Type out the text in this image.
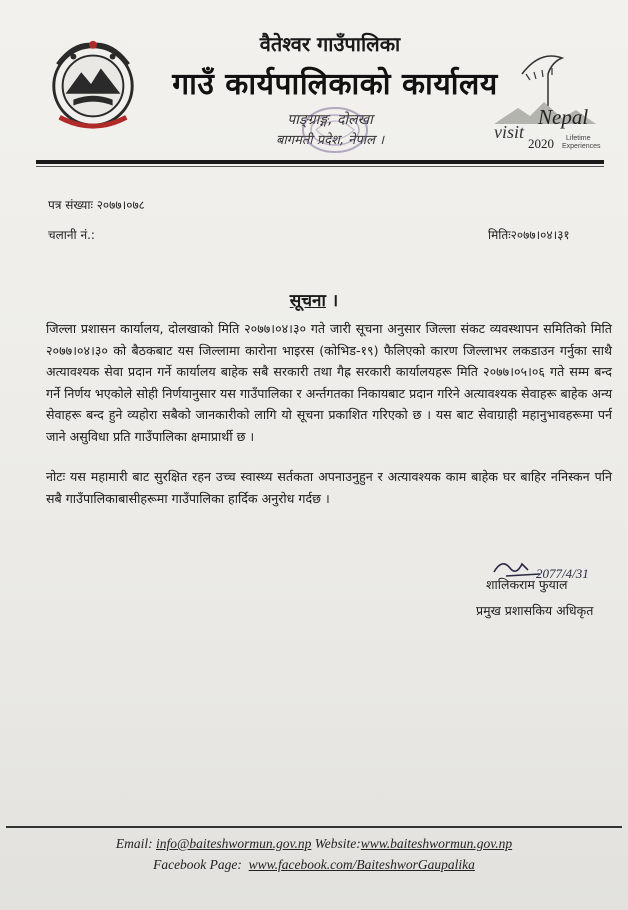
वैतेश्वर गाउँपालिका
गाउँ कार्यपालिकाको कार्यालय
पाङ्ग्राङ्ग, दोलखा
बागमती प्रदेश, नेपाल ।	visit
Nepal
2020 Lifetime
Experiences
पत्र संख्याः २०७७।०७८
चलानी नं.:	मितिः२०७७।०४।३१
सूचना ।
जिल्ला प्रशासन कार्यालय, दोलखाको मिति २०७७।०४।३० गते जारी सूचना अनुसार जिल्ला संकट व्यवस्थापन समितिको मिति २०७७।०४।३० को बैठकबाट यस जिल्लामा कारोना भाइरस (कोभिड-१९) फैलिएको कारण जिल्लाभर लकडाउन गर्नुका साथै अत्यावश्यक सेवा प्रदान गर्ने कार्यालय बाहेक सबै सरकारी तथा गैह्र सरकारी कार्यालयहरू मिति २०७७।०५।०६ गते सम्म बन्द गर्ने निर्णय भएकोले सोही निर्णयानुसार यस गाउँपालिका र अर्न्तगतका निकायबाट प्रदान गरिने अत्यावश्यक सेवाहरू बाहेक अन्य सेवाहरू बन्द हुने व्यहोरा सबैको जानकारीको लागि यो सूचना प्रकाशित गरिएको छ । यस बाट सेवाग्राही महानुभावहरूमा पर्न जाने असुविधा प्रति गाउँपालिका क्षमाप्रार्थी छ ।
नोटः यस महामारी बाट सुरक्षित रहन उच्च स्वास्थ्य सर्तकता अपनाउनुहुन र अत्यावश्यक काम बाहेक घर बाहिर ननिस्कन पनि सबै गाउँपालिकाबासीहरूमा गाउँपालिका हार्दिक अनुरोध गर्दछ ।
2077/4/31
शालिकराम फुयाल
प्रमुख प्रशासकिय अधिकृत
Email: info@baiteshwormun.gov.np Website:www.baiteshwormun.gov.np
Facebook Page: www.facebook.com/BaiteshworGaupalika
